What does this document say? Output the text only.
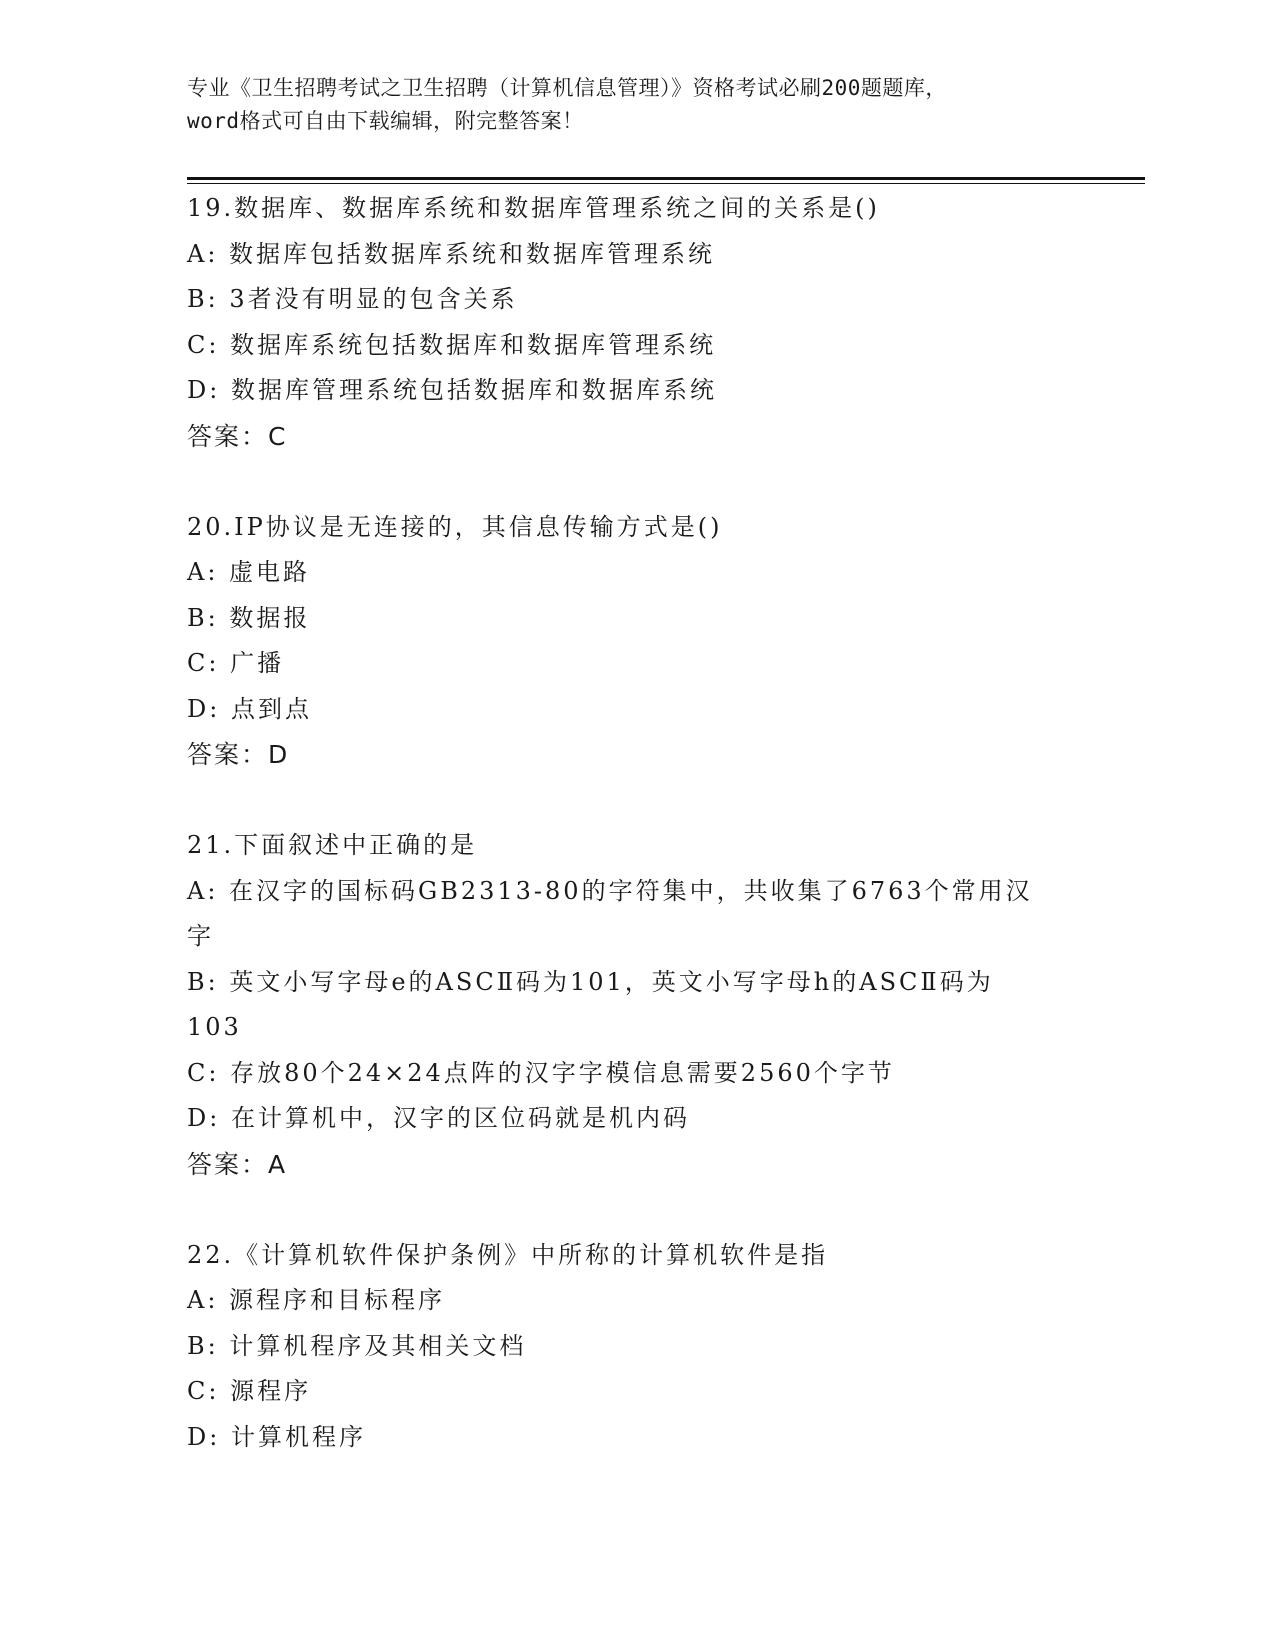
专业《卫生招聘考试之卫生招聘（计算机信息管理）》资格考试必刷200题题库，
word格式可自由下载编辑，附完整答案！
19.数据库、数据库系统和数据库管理系统之间的关系是()
A: 数据库包括数据库系统和数据库管理系统
B: 3者没有明显的包含关系
C: 数据库系统包括数据库和数据库管理系统
D: 数据库管理系统包括数据库和数据库系统
答案：C
20.IP协议是无连接的，其信息传输方式是()
A: 虚电路
B: 数据报
C: 广播
D: 点到点
答案：D
21.下面叙述中正确的是
A: 在汉字的国标码GB2313-80的字符集中，共收集了6763个常用汉
字
B: 英文小写字母e的ASCⅡ码为101，英文小写字母h的ASCⅡ码为
103
C: 存放80个24×24点阵的汉字字模信息需要2560个字节
D: 在计算机中，汉字的区位码就是机内码
答案：A
22.《计算机软件保护条例》中所称的计算机软件是指
A: 源程序和目标程序
B: 计算机程序及其相关文档
C: 源程序
D: 计算机程序
